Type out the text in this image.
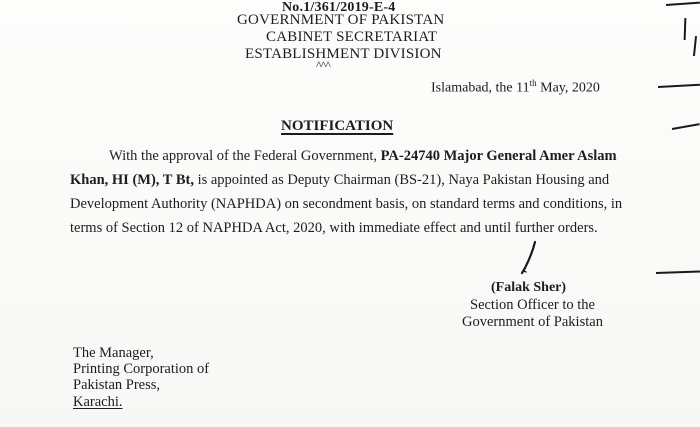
No.1/361/2019-E-4
GOVERNMENT OF PAKISTAN
CABINET SECRETARIAT
ESTABLISHMENT DIVISION
^^^
Islamabad, the 11th May, 2020
NOTIFICATION
With the approval of the Federal Government, PA-24740 Major General Amer Aslam
Khan, HI (M), T Bt, is appointed as Deputy Chairman (BS-21), Naya Pakistan Housing and
Development Authority (NAPHDA) on secondment basis, on standard terms and conditions, in
terms of Section 12 of NAPHDA Act, 2020, with immediate effect and until further orders.
(Falak Sher)
Section Officer to the
Government of Pakistan
The Manager,
Printing Corporation of
Pakistan Press,
Karachi.
